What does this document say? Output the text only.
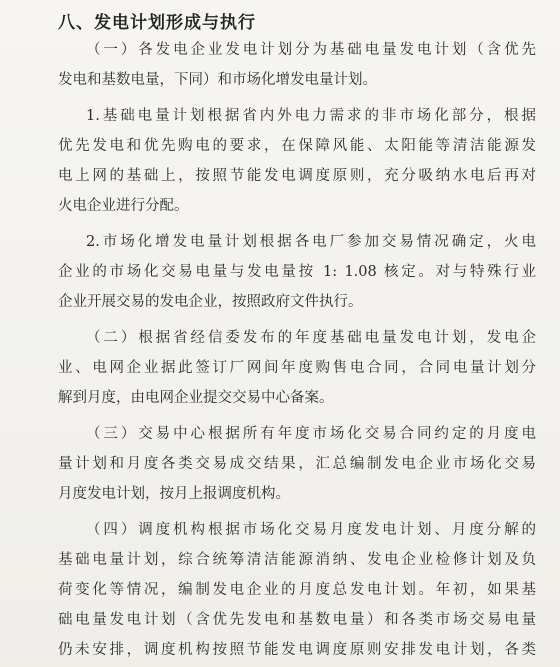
八、发电计划形成与执行
（一）各发电企业发电计划分为基础电量发电计划（含优先
发电和基数电量，下同）和市场化增发电量计划。
1.基础电量计划根据省内外电力需求的非市场化部分，根据
优先发电和优先购电的要求，在保障风能、太阳能等清洁能源发
电上网的基础上，按照节能发电调度原则，充分吸纳水电后再对
火电企业进行分配。
2.市场化增发电量计划根据各电厂参加交易情况确定，火电
企业的市场化交易电量与发电量按 1: 1.08 核定。对与特殊行业
企业开展交易的发电企业，按照政府文件执行。
（二）根据省经信委发布的年度基础电量发电计划，发电企
业、电网企业据此签订厂网间年度购售电合同，合同电量计划分
解到月度，由电网企业提交交易中心备案。
（三）交易中心根据所有年度市场化交易合同约定的月度电
量计划和月度各类交易成交结果，汇总编制发电企业市场化交易
月度发电计划，按月上报调度机构。
（四）调度机构根据市场化交易月度发电计划、月度分解的
基础电量计划，综合统筹清洁能源消纳、发电企业检修计划及负
荷变化等情况，编制发电企业的月度总发电计划。年初，如果基
础电量发电计划（含优先发电和基数电量）和各类市场交易电量
仍未安排，调度机构按照节能发电调度原则安排发电计划，各类
